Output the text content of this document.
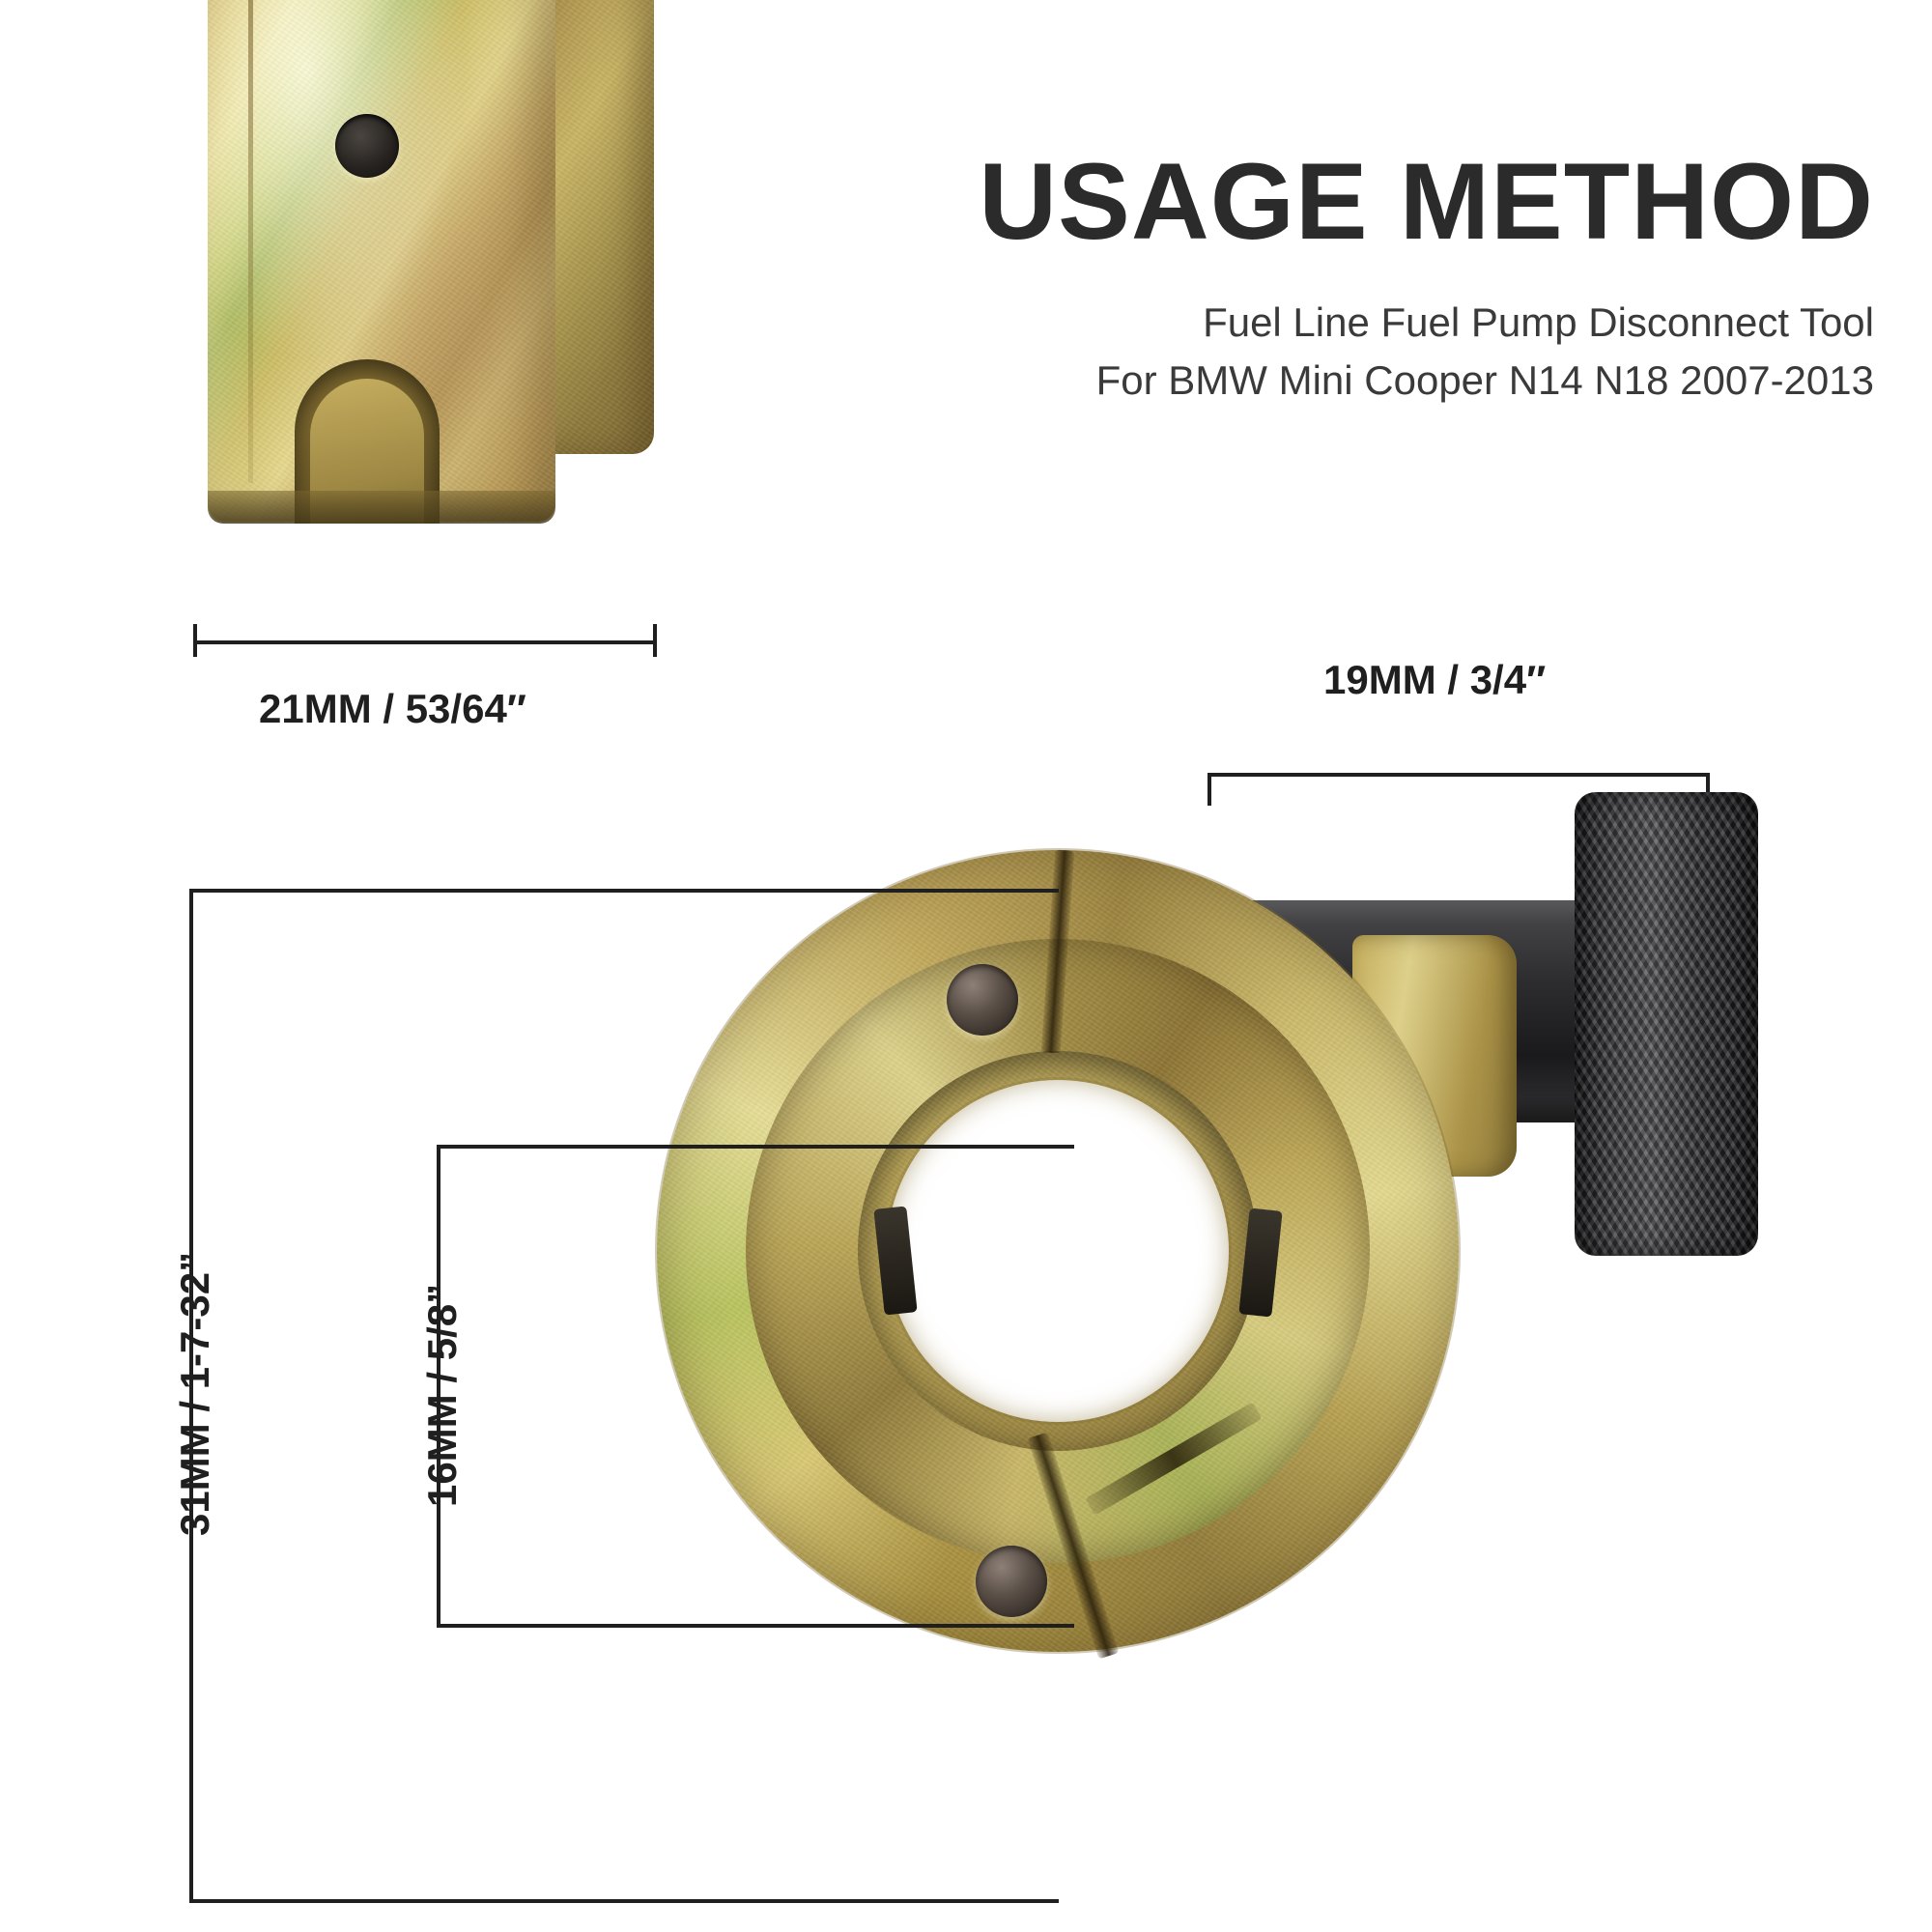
USAGE METHOD

Fuel Line Fuel Pump Disconnect Tool

For BMW Mini Cooper N14 N18 2007-2013

21MM / 53/64″
19MM / 3/4″
31MM / 1-7-32”	16MM / 5/8”
